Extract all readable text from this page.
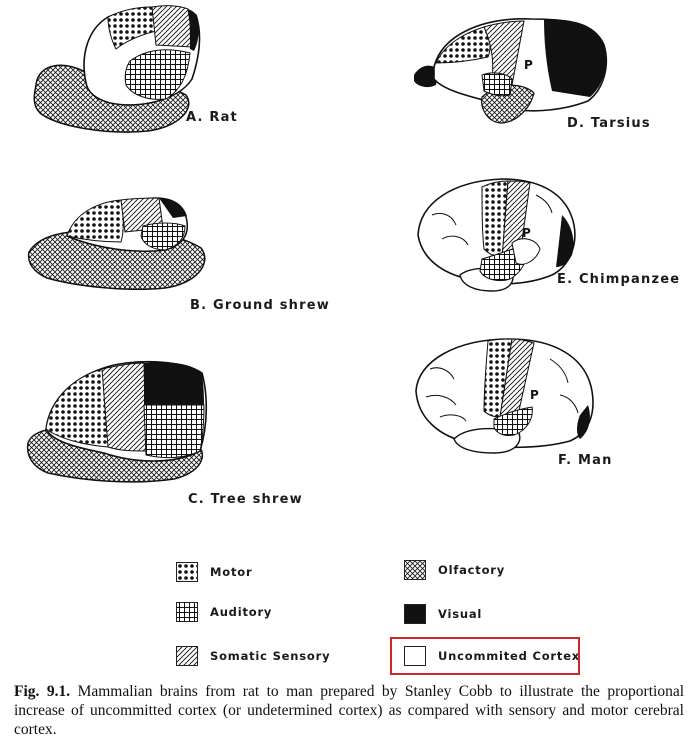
A. Rat
B. Ground shrew
C. Tree shrew
P
D. Tarsius
P
E. Chimpanzee
P
F. Man
Motor
Auditory
Somatic Sensory
Olfactory
Visual
Uncommited Cortex
Fig. 9.1. Mammalian brains from rat to man prepared by Stanley Cobb to illustrate the proportional increase of uncommitted cortex (or undetermined cortex) as compared with sensory and motor cerebral cortex.
